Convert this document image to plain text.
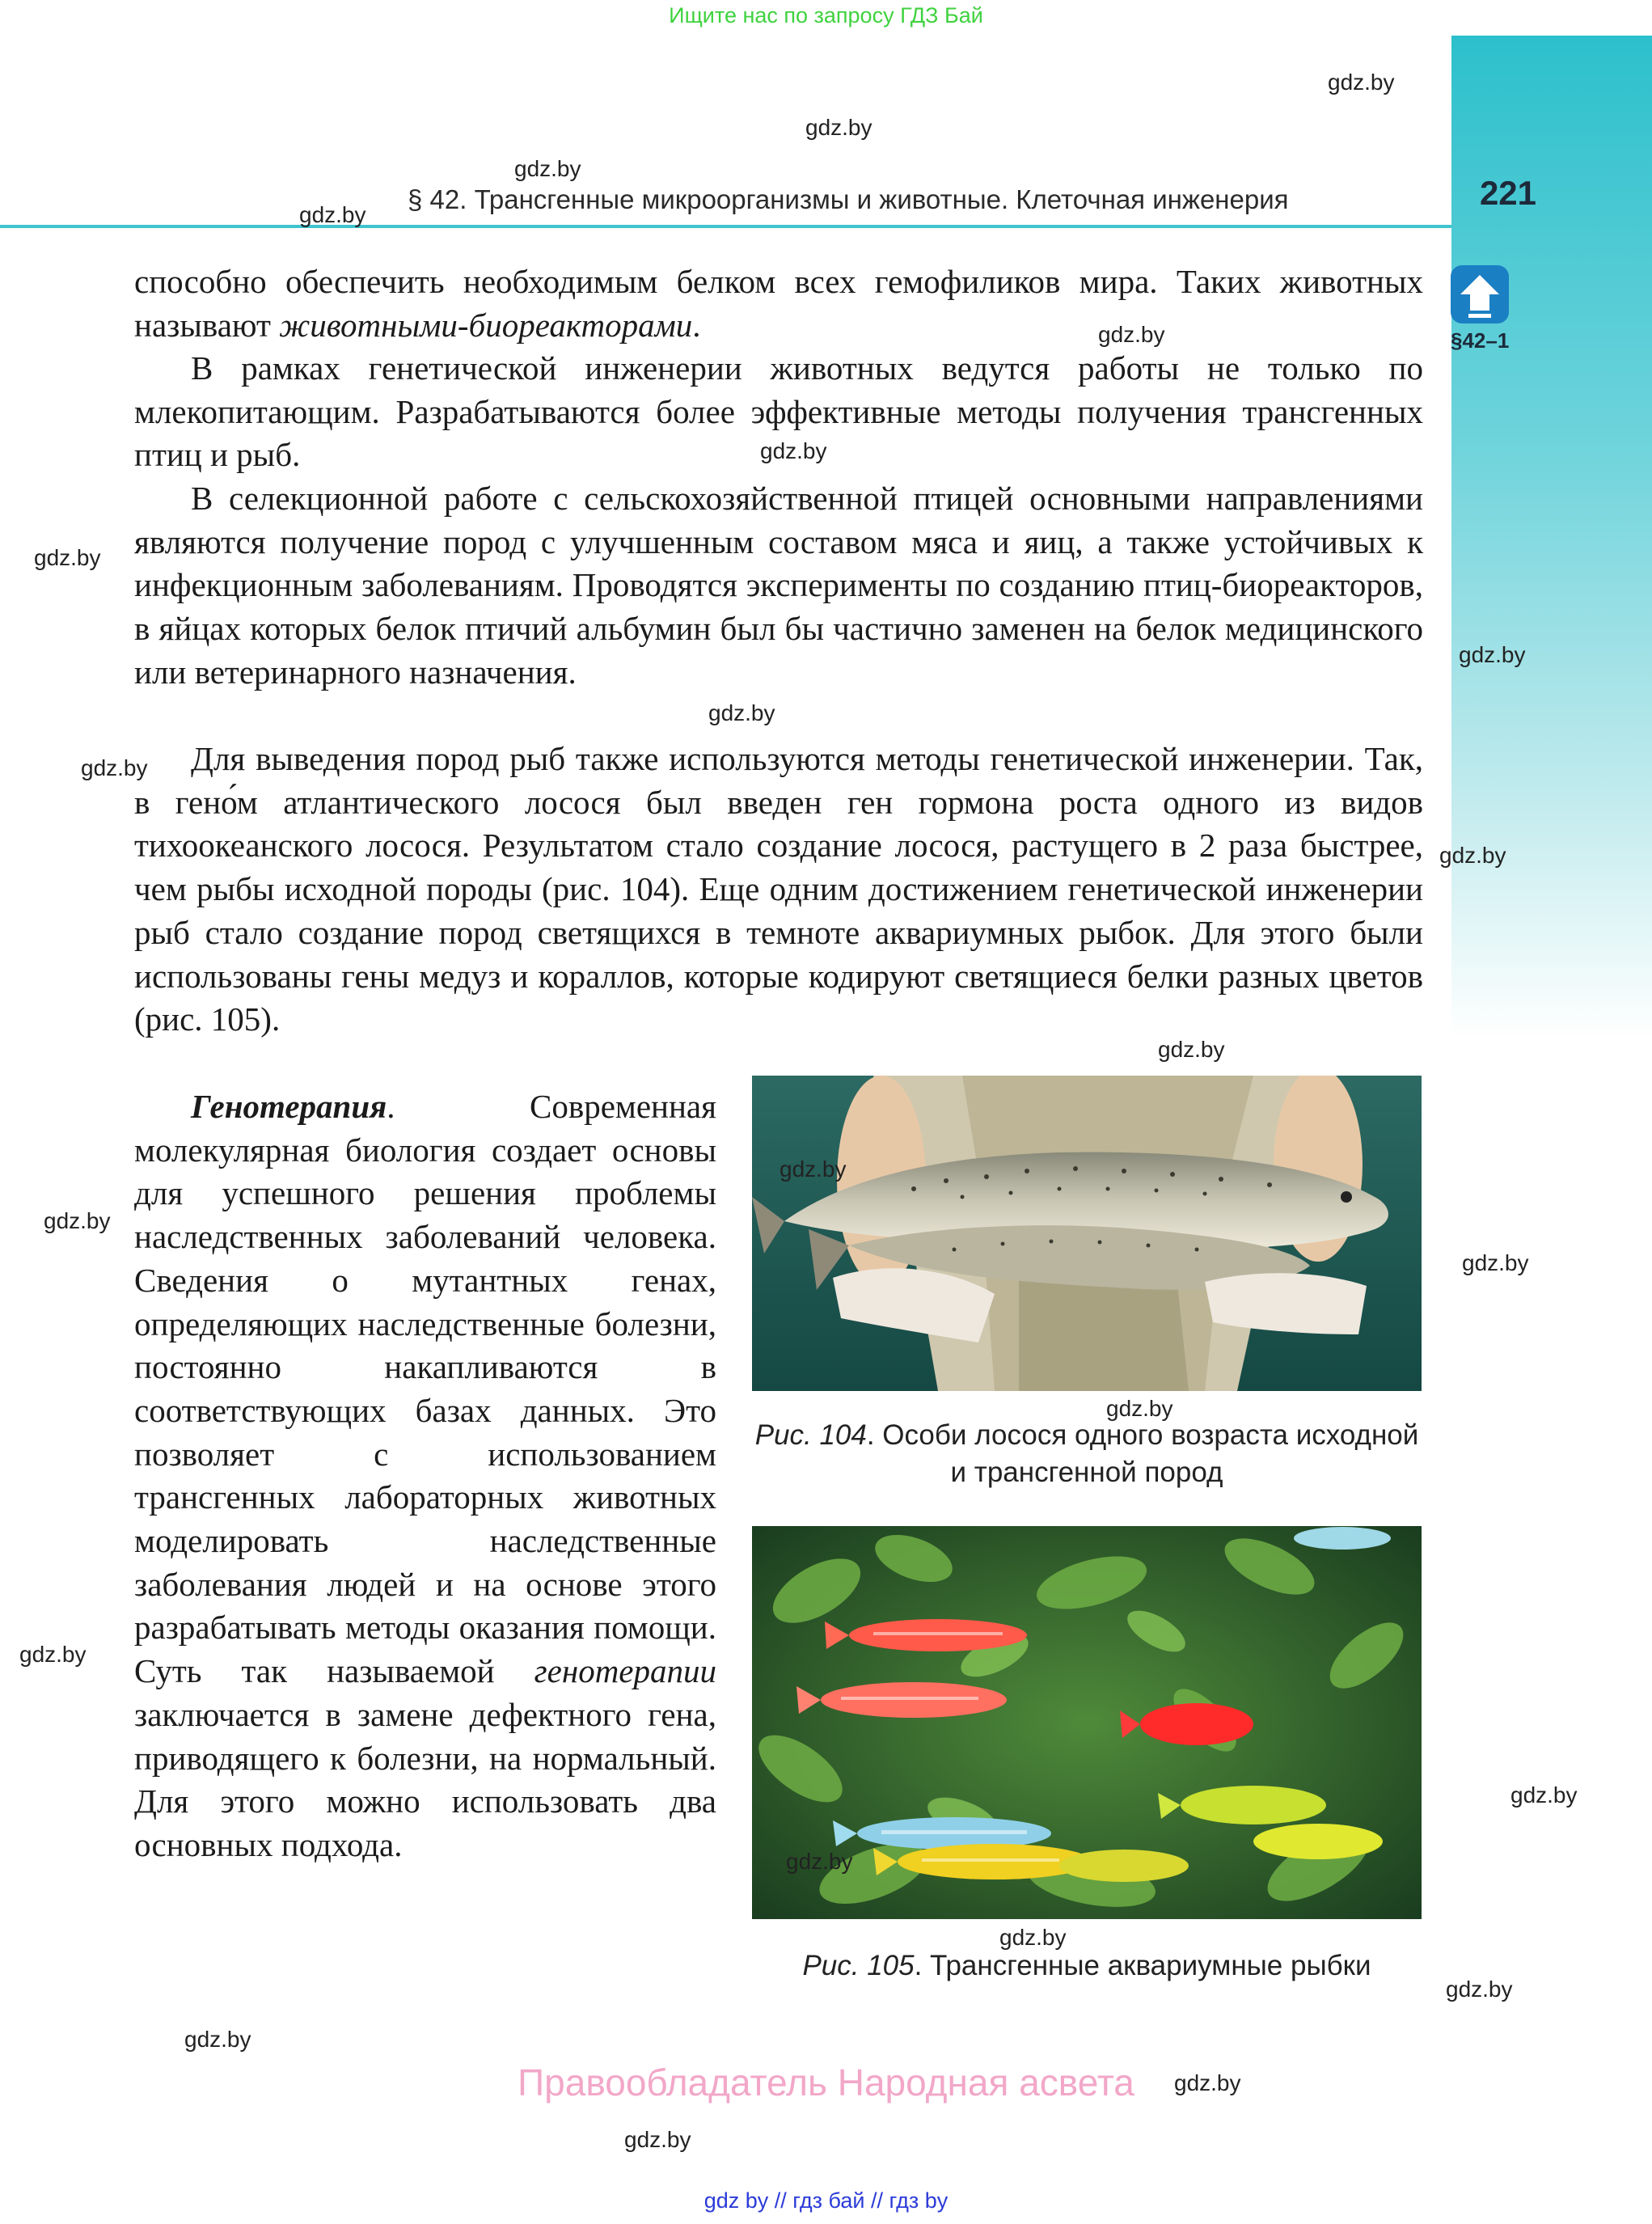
Ищите нас по запросу ГДЗ Бай
§ 42. Трансгенные микроорганизмы и животные. Клеточная инженерия	221
§42–1

способно обеспечить необходимым белком всех гемофиликов мира. Таких животных называют животными-биореакторами.

В рамках генетической инженерии животных ведутся работы не только по млекопитающим. Разрабатываются более эффективные методы получения трансгенных птиц и рыб.

В селекционной работе с сельскохозяйственной птицей основными направлениями являются получение пород с улучшенным составом мяса и яиц, а также устойчивых к инфекционным заболеваниям. Проводятся эксперименты по созданию птиц-биореакторов, в яйцах которых белок птичий альбумин был бы частично заменен на белок медицинского или ветеринарного назначения.

Для выведения пород рыб также используются методы генетической инженерии. Так, в гено́м атлантического лосося был введен ген гормона роста одного из видов тихоокеанского лосося. Результатом стало создание лосося, растущего в 2 раза быстрее, чем рыбы исходной породы (рис. 104). Еще одним достижением генетической инженерии рыб стало создание пород светящихся в темноте аквариумных рыбок. Для этого были использованы гены медуз и кораллов, которые кодируют светящиеся белки разных цветов (рис. 105).

Генотерапия. Современная молекулярная биология создает основы для успешного решения проблемы наследственных заболеваний человека. Сведения о мутантных генах, определяющих наследственные болезни, постоянно накапливаются в соответствующих базах данных. Это позволяет с использованием трансгенных лабораторных животных моделировать наследственные заболевания людей и на основе этого разрабатывать методы оказания помощи. Суть так называемой генотерапии заключается в замене дефектного гена, приводящего к болезни, на нормальный. Для этого можно использовать два основных подхода.

Рис. 104. Особи лосося одного возраста исходной и трансгенной пород
Рис. 105. Трансгенные аквариумные рыбки
gdz.by
gdz.by
gdz.by
gdz.by
gdz.by
gdz.by
gdz.by
gdz.by
gdz.by
gdz.by
gdz.by
gdz.by
gdz.by
gdz.by
gdz.by
gdz.by
gdz.by
gdz.by
gdz.by
gdz.by
gdz.by
gdz.by
gdz.by
gdz.by
Правообладатель Народная асвета
gdz by // гдз бай // гдз by
